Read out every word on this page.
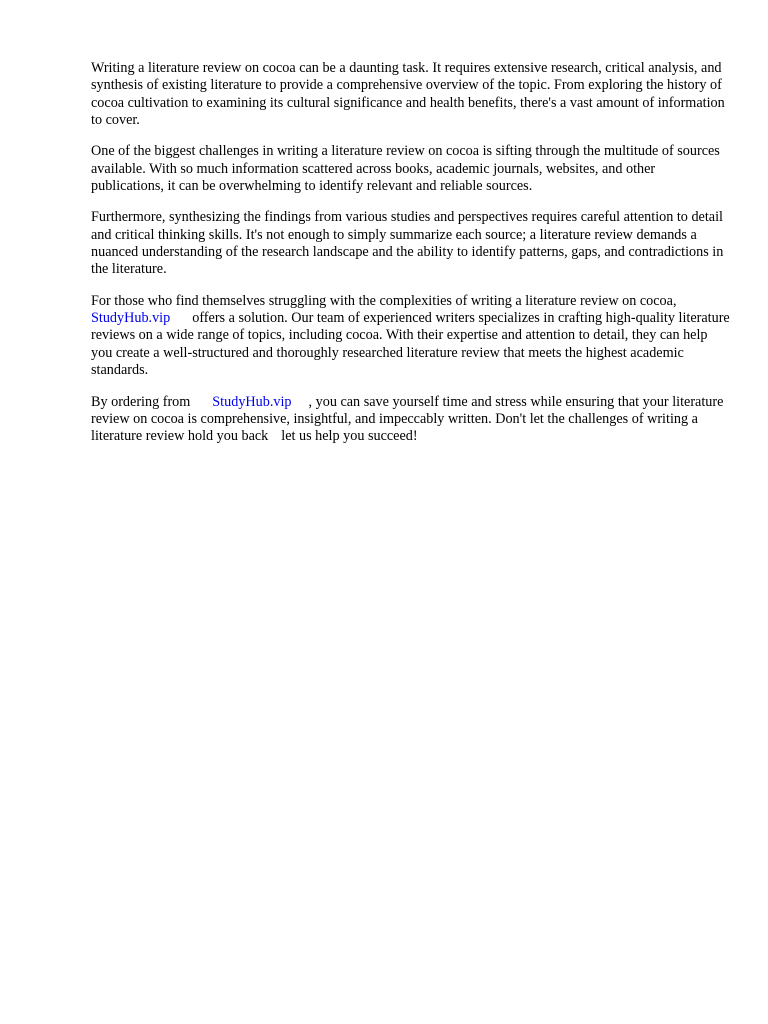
Writing a literature review on cocoa can be a daunting task. It requires extensive research, critical analysis, and synthesis of existing literature to provide a comprehensive overview of the topic. From exploring the history of cocoa cultivation to examining its cultural significance and health benefits, there's a vast amount of information to cover.

One of the biggest challenges in writing a literature review on cocoa is sifting through the multitude of sources available. With so much information scattered across books, academic journals, websites, and other publications, it can be overwhelming to identify relevant and reliable sources.

Furthermore, synthesizing the findings from various studies and perspectives requires careful attention to detail and critical thinking skills. It's not enough to simply summarize each source; a literature review demands a nuanced understanding of the research landscape and the ability to identify patterns, gaps, and contradictions in the literature.

For those who find themselves struggling with the complexities of writing a literature review on cocoa,StudyHub.vip offers a solution. Our team of experienced writers specializes in crafting high-quality literature reviews on a wide range of topics, including cocoa. With their expertise and attention to detail, they can help you create a well-structured and thoroughly researched literature review that meets the highest academic standards.

By ordering from StudyHub.vip , you can save yourself time and stress while ensuring that your literature review on cocoa is comprehensive, insightful, and impeccably written. Don't let the challenges of writing a literature review hold you back let us help you succeed!
